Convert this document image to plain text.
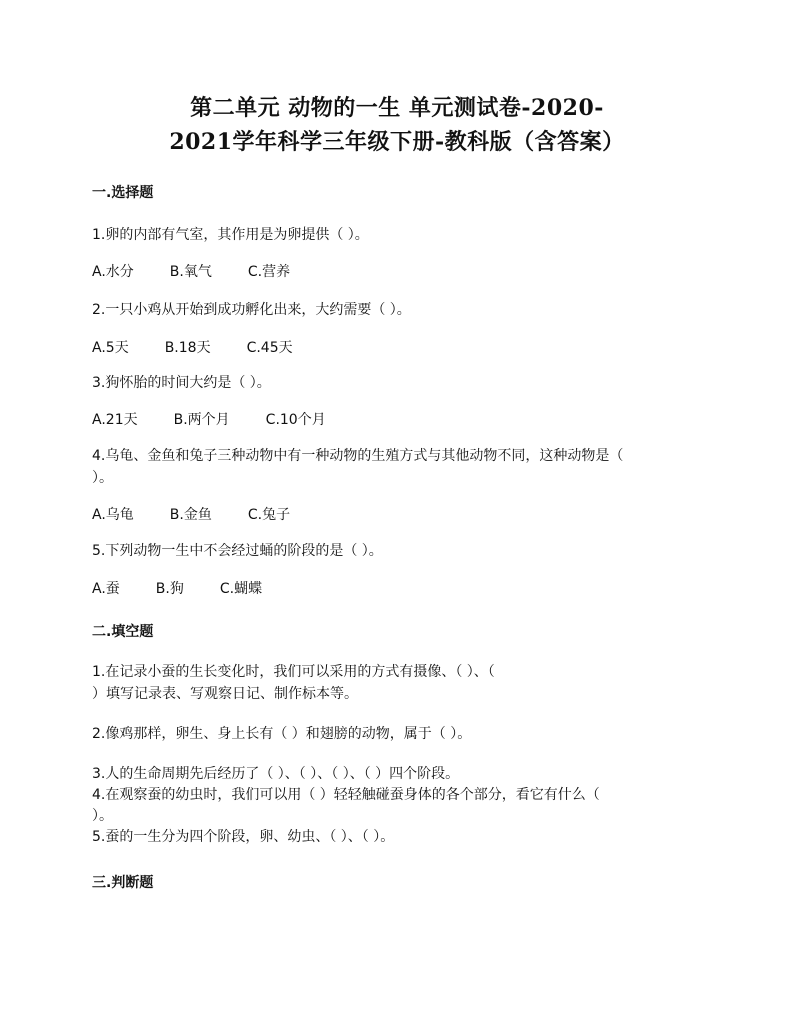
第二单元 动物的一生 单元测试卷-2020-
2021学年科学三年级下册-教科版（含答案）
一.选择题

1.卵的内部有气室，其作用是为卵提供（ ）。

A.水分	B.氧气	C.营养

2.一只小鸡从开始到成功孵化出来，大约需要（ ）。

A.5天	B.18天	C.45天

3.狗怀胎的时间大约是（ ）。

A.21天	B.两个月	C.10个月

4.乌龟、金鱼和兔子三种动物中有一种动物的生殖方式与其他动物不同，这种动物是（

）。

A.乌龟	B.金鱼	C.兔子

5.下列动物一生中不会经过蛹的阶段的是（ ）。

A.蚕	B.狗	C.蝴蝶

二.填空题

1.在记录小蚕的生长变化时，我们可以采用的方式有摄像、（ ）、（

）填写记录表、写观察日记、制作标本等。

2.像鸡那样，卵生、身上长有（ ）和翅膀的动物，属于（ ）。

3.人的生命周期先后经历了（ ）、（ ）、（ ）、（ ）四个阶段。

4.在观察蚕的幼虫时，我们可以用（ ）轻轻触碰蚕身体的各个部分，看它有什么（

）。

5.蚕的一生分为四个阶段，卵、幼虫、（ ）、（ ）。

三.判断题
